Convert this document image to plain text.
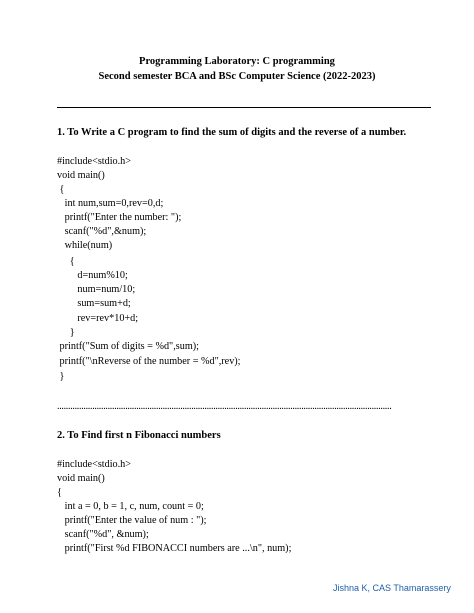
Programming Laboratory: C programming
Second semester BCA and BSc Computer Science (2022-2023)
1. To Write a C program to find the sum of digits and the reverse of a number.
#include<stdio.h>
void main()
{
int num,sum=0,rev=0,d;
printf("Enter the number: ");
scanf("%d",&num);
while(num)
{
d=num%10;
num=num/10;
sum=sum+d;
rev=rev*10+d;
}
printf("Sum of digits = %d",sum);
printf("\nReverse of the number = %d",rev);
}
........................................................................................................................................................
2. To Find first n Fibonacci numbers
#include<stdio.h>
void main()
{
int a = 0, b = 1, c, num, count = 0;
printf("Enter the value of num : ");
scanf("%d", &num);
printf("First %d FIBONACCI numbers are ...\n", num);
Jishna K, CAS Thamarassery
